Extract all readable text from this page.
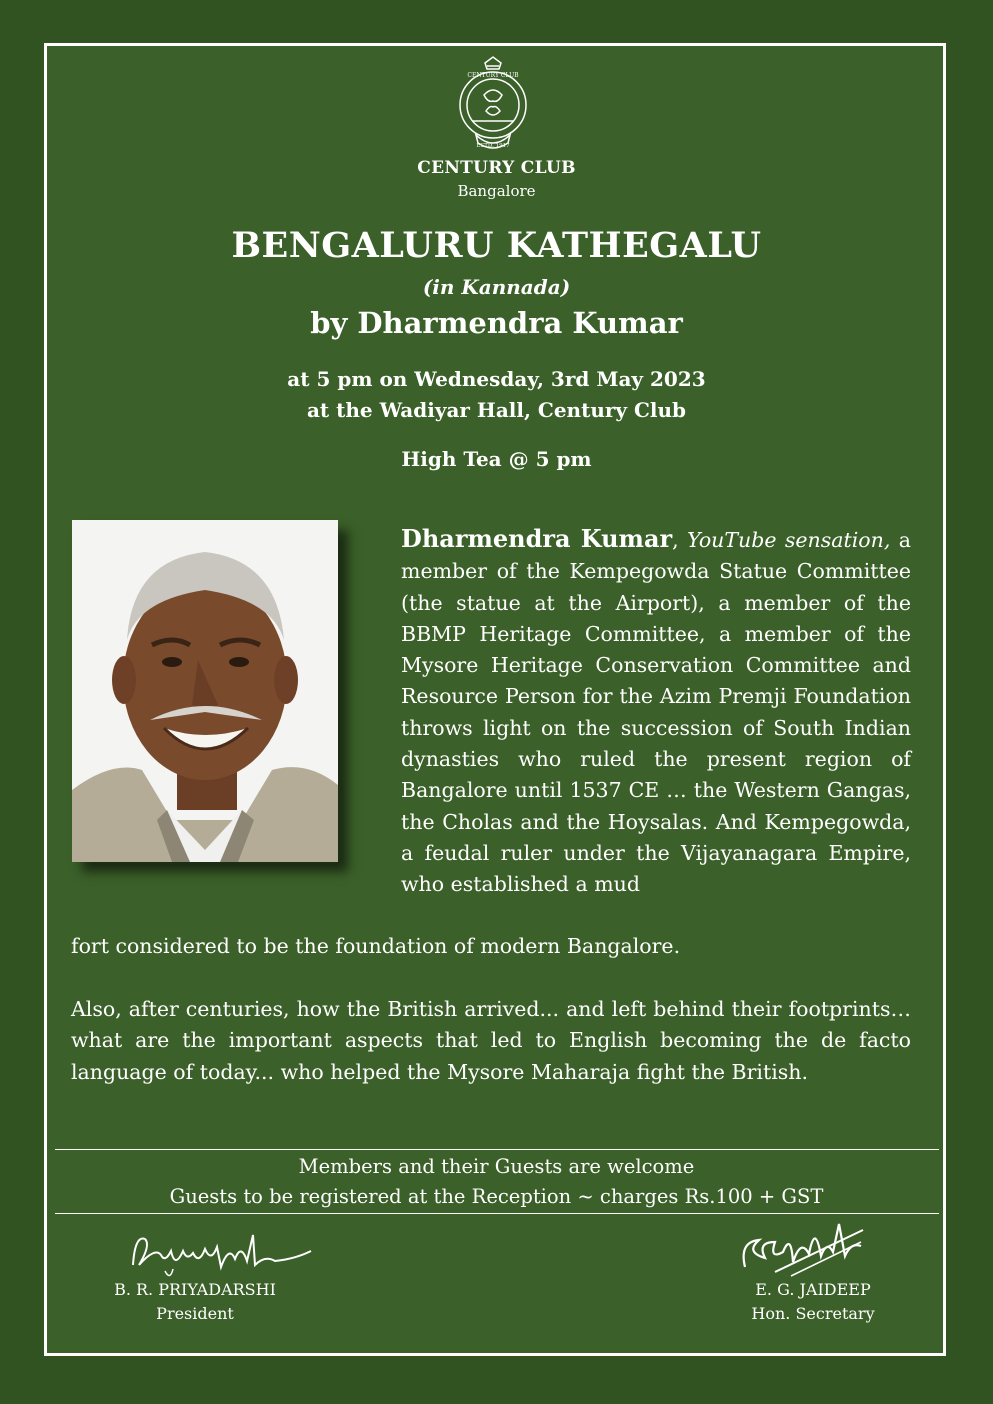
CENTURY CLUB
ESTD. 1917
CENTURY CLUB
Bangalore
BENGALURU KATHEGALU
(in Kannada)
by Dharmendra Kumar
at 5 pm on Wednesday, 3rd May 2023
at the Wadiyar Hall, Century Club
High Tea @ 5 pm
Dharmendra Kumar, YouTube sensation, a member of the Kempegowda Statue Committee (the statue at the Airport), a member of the BBMP Heritage Committee, a member of the Mysore Heritage Conservation Committee and Resource Person for the Azim Premji Foundation throws light on the succession of South Indian dynasties who ruled the present region of Bangalore until 1537 CE … the Western Gangas, the Cholas and the Hoysalas. And Kempegowda, a feudal ruler under the Vijayanagara Empire, who established a mud
fort considered to be the foundation of modern Bangalore.
Also, after centuries, how the British arrived... and left behind their footprints… what are the important aspects that led to English becoming the de facto language of today... who helped the Mysore Maharaja fight the British.
Members and their Guests are welcome
Guests to be registered at the Reception ~ charges Rs.100 + GST
B. R. PRIYADARSHI
President
E. G. JAIDEEP
Hon. Secretary
